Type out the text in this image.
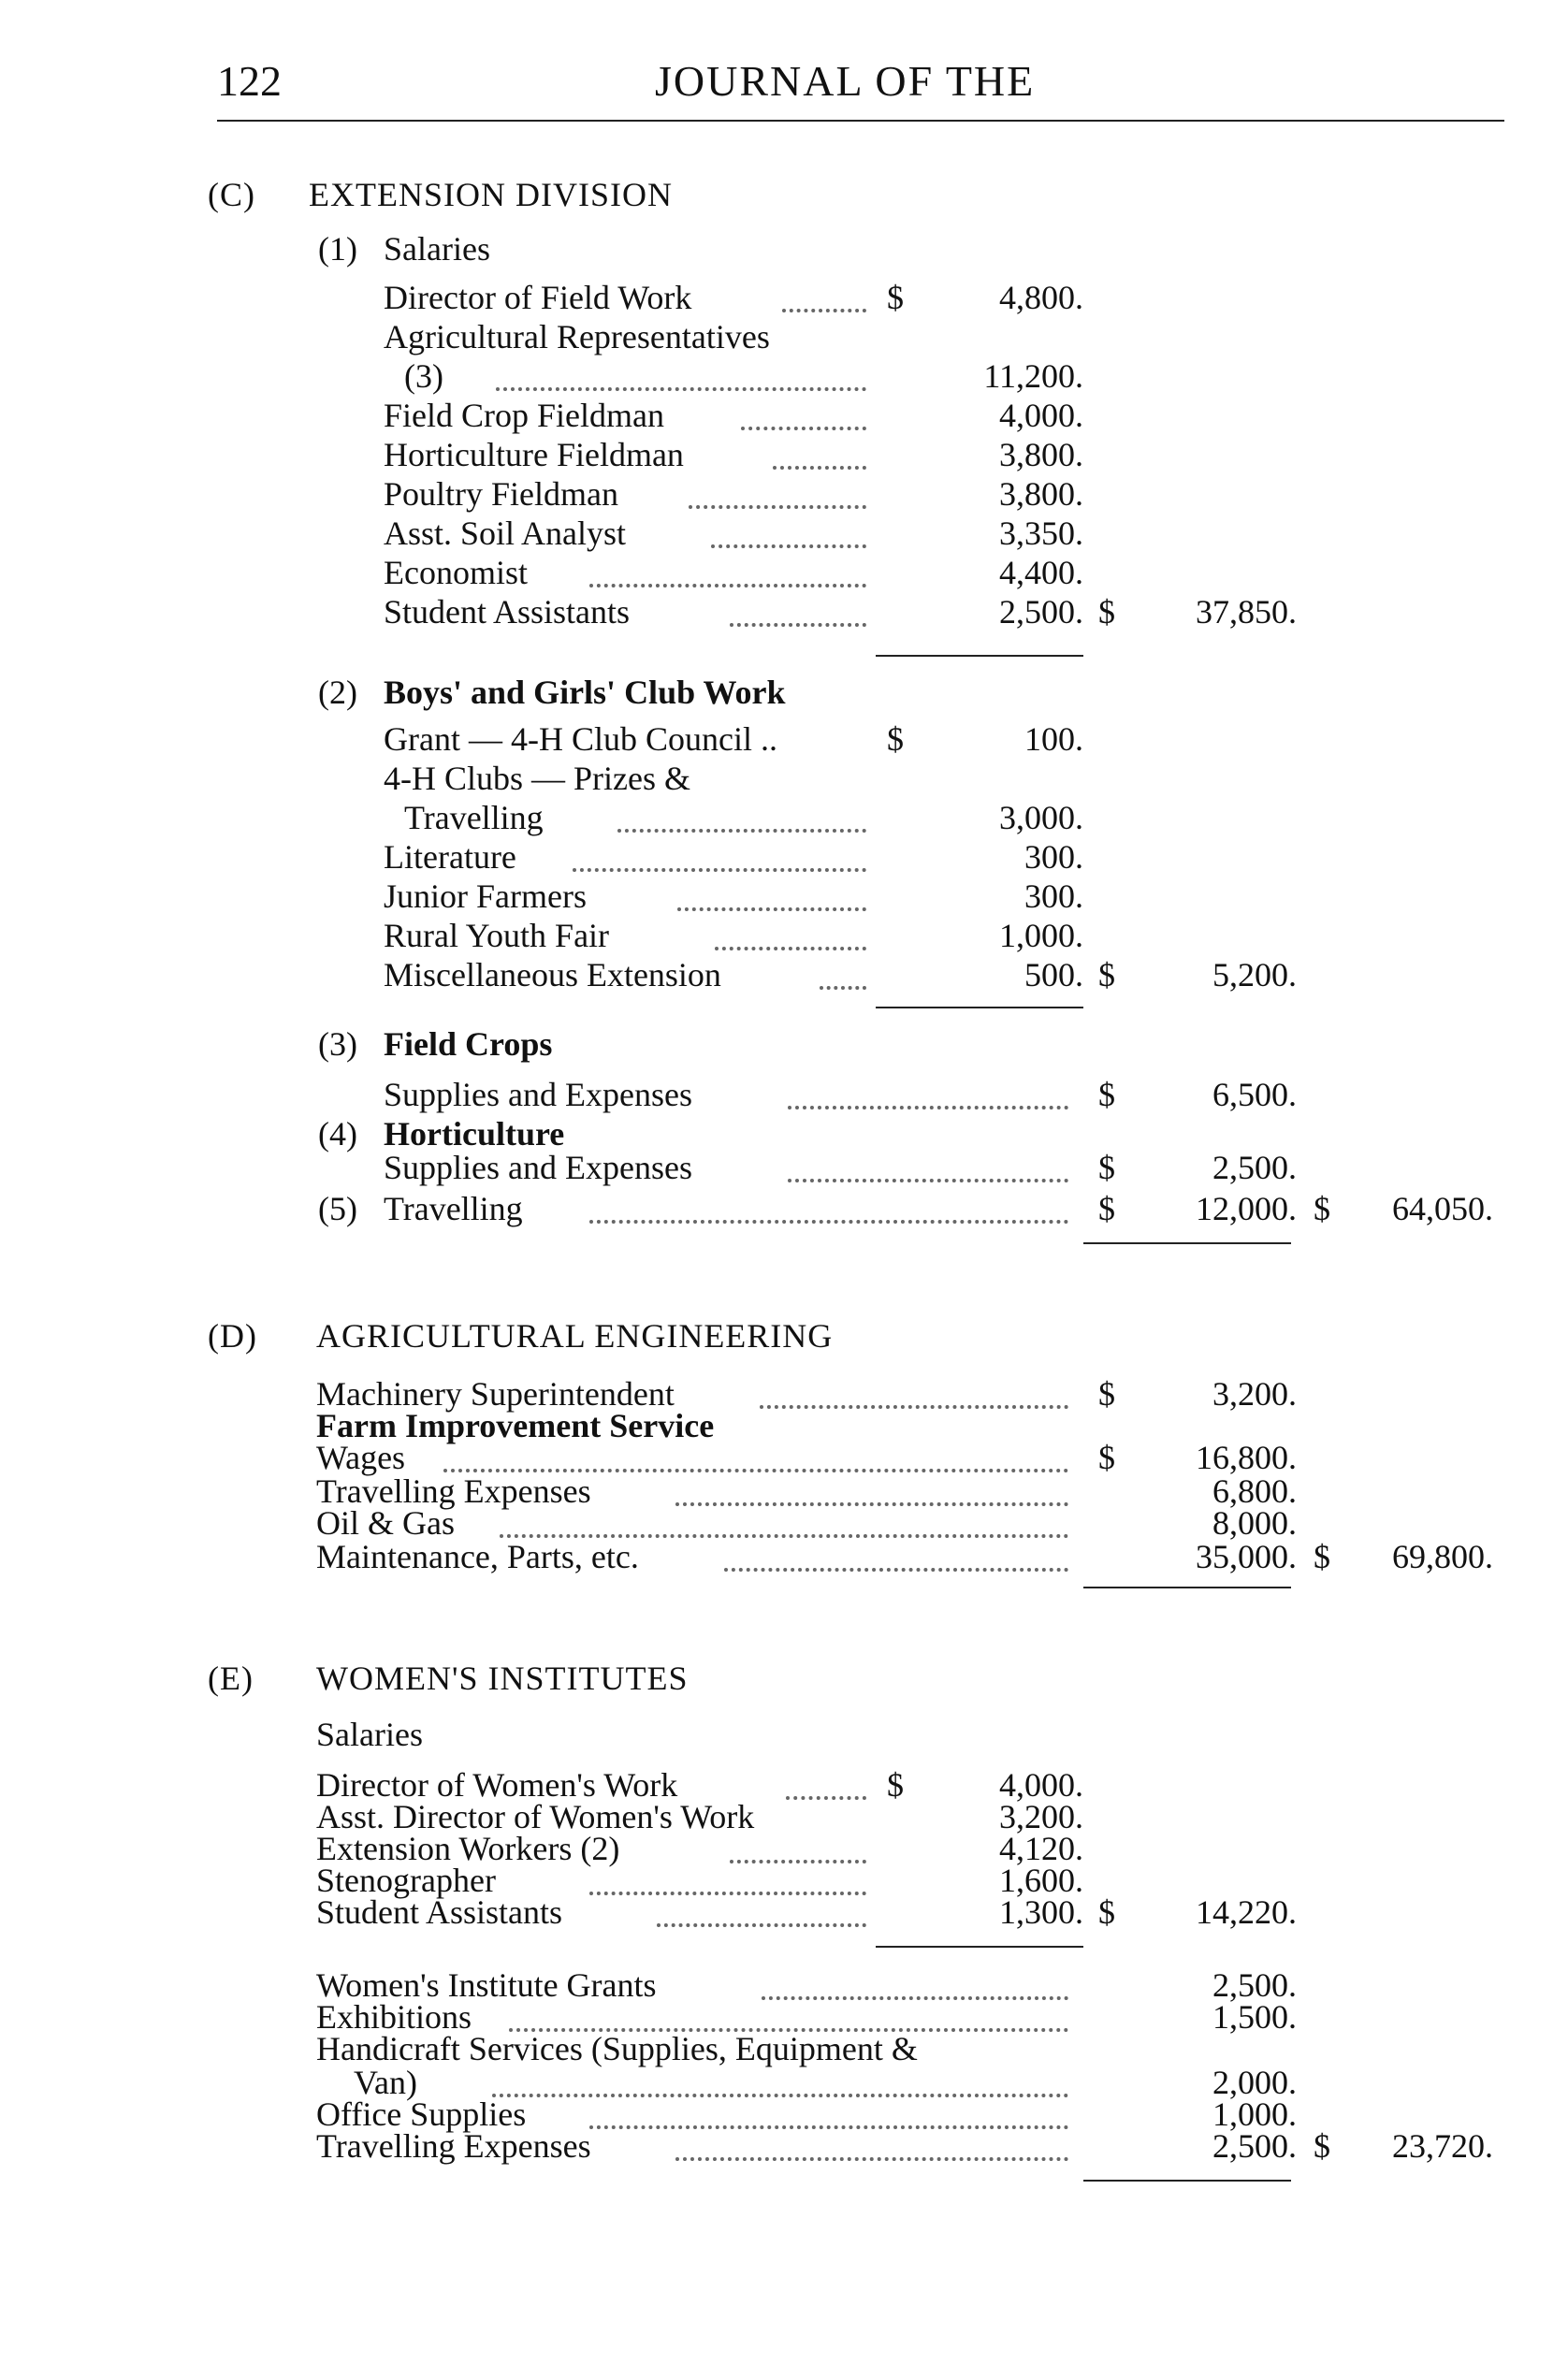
122	JOURNAL OF THE
(C) EXTENSION DIVISION
(1) Salaries
Director of Field Work	$	4,800.
Agricultural Representatives
(3)	11,200.
Field Crop Fieldman	4,000.
Horticulture Fieldman	3,800.
Poultry Fieldman	3,800.
Asst. Soil Analyst	3,350.
Economist	4,400.
Student Assistants	2,500. $	37,850.
(2) Boys' and Girls' Club Work
Grant — 4-H Club Council ..	$	100.
4-H Clubs — Prizes &
Travelling	3,000.
Literature	300.
Junior Farmers	300.
Rural Youth Fair	1,000.
Miscellaneous Extension	500. $	5,200.
(3) Field Crops
Supplies and Expenses	$	6,500.
(4) Horticulture
Supplies and Expenses	$	2,500.
(5) Travelling	$	12,000. $	64,050.
(D) AGRICULTURAL ENGINEERING
Machinery Superintendent	$	3,200.
Farm Improvement Service
Wages	$	16,800.
Travelling Expenses	6,800.
Oil & Gas	8,000.
Maintenance, Parts, etc.	35,000. $	69,800.
(E) WOMEN'S INSTITUTES
Salaries
Director of Women's Work	$	4,000.
Asst. Director of Women's Work	3,200.
Extension Workers (2)	4,120.
Stenographer	1,600.
Student Assistants	1,300. $	14,220.
Women's Institute Grants	2,500.
Exhibitions	1,500.
Handicraft Services (Supplies, Equipment &
Van)	2,000.
Office Supplies	1,000.
Travelling Expenses	2,500. $	23,720.
